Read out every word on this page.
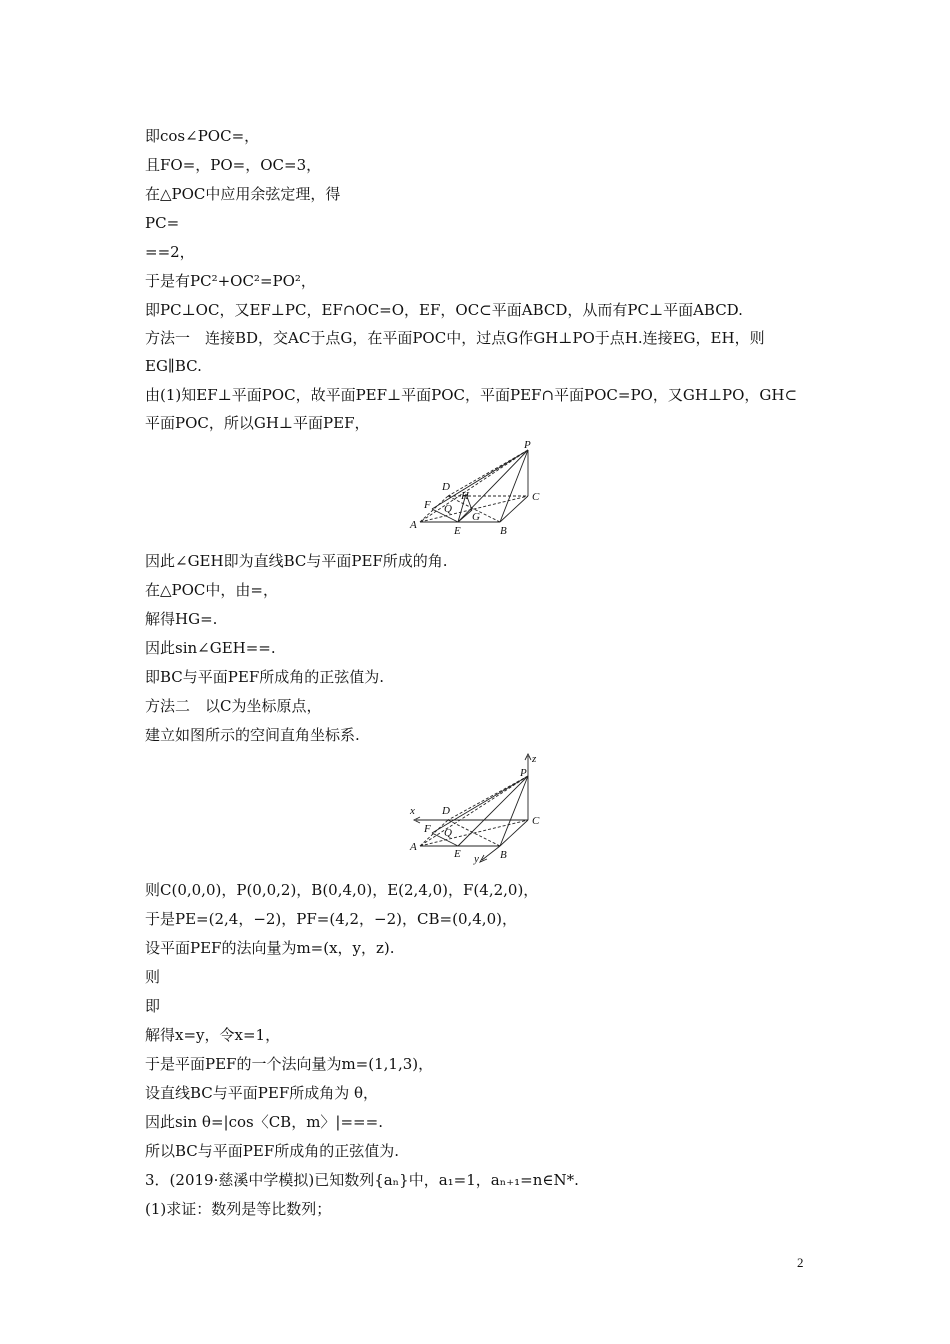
即cos∠POC=，
且FO=，PO=，OC=3，
在△POC中应用余弦定理，得
PC=
==2，
于是有PC²+OC²=PO²，
即PC⊥OC，又EF⊥PC，EF∩OC=O，EF，OC⊂平面ABCD，从而有PC⊥平面ABCD.
方法一　连接BD，交AC于点G，在平面POC中，过点G作GH⊥PO于点H.连接EG，EH，则
EG∥BC.
由(1)知EF⊥平面POC，故平面PEF⊥平面POC，平面PEF∩平面POC=PO，又GH⊥PO，GH⊂
平面POC，所以GH⊥平面PEF，
P
D
H	C
F Q
G
A	E	B
因此∠GEH即为直线BC与平面PEF所成的角.
在△POC中，由=，
解得HG=.
因此sin∠GEH==.
即BC与平面PEF所成角的正弦值为.
方法二　以C为坐标原点，
建立如图所示的空间直角坐标系.
z
P
x D
C
F Q
A
E y B
则C(0,0,0)，P(0,0,2)，B(0,4,0)，E(2,4,0)，F(4,2,0)，
于是PE=(2,4，−2)，PF=(4,2，−2)，CB=(0,4,0)，
设平面PEF的法向量为m=(x，y，z).
则
即
解得x=y，令x=1，
于是平面PEF的一个法向量为m=(1,1,3)，
设直线BC与平面PEF所成角为 θ，
因此sin θ=|cos〈CB，m〉|===.
所以BC与平面PEF所成角的正弦值为.
3．(2019·慈溪中学模拟)已知数列{aₙ}中，a₁=1，aₙ₊₁=n∈N*.
(1)求证：数列是等比数列；
2
